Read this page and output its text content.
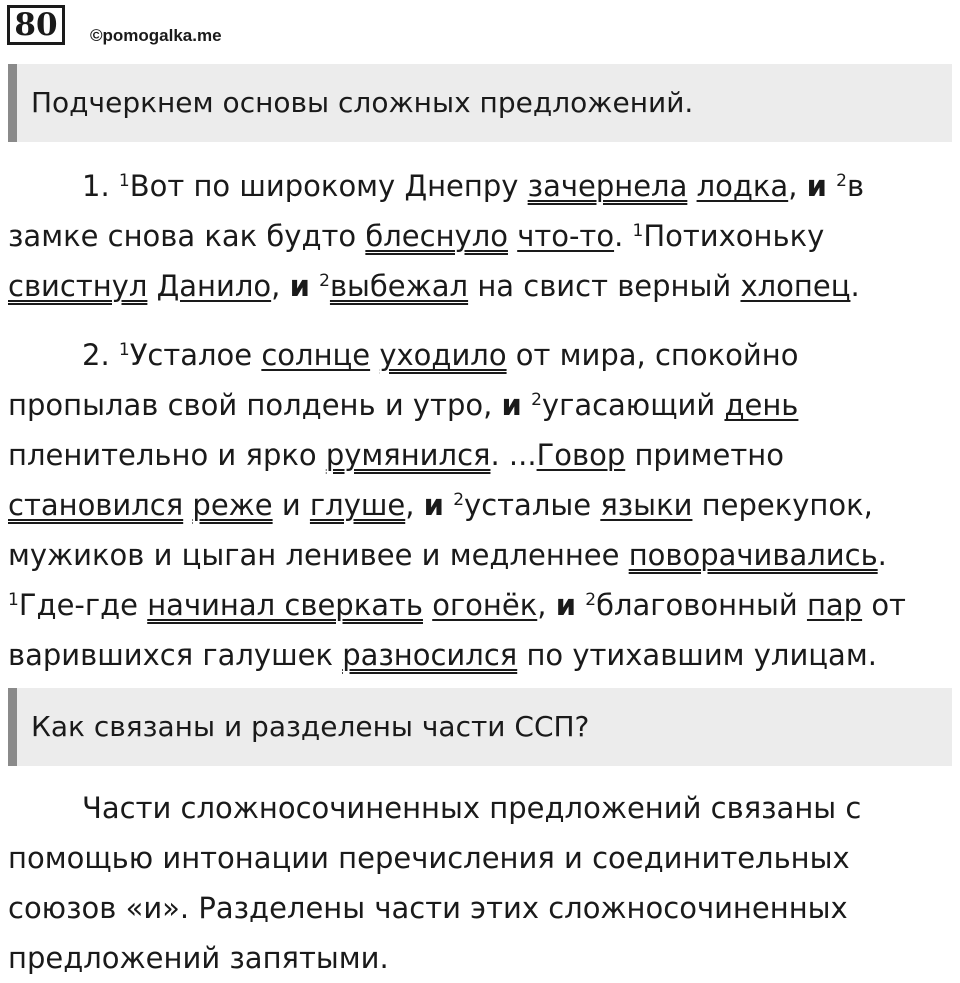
80	©pomogalka.me
Подчеркнем основы сложных предложений.
1. $^1$Вот по широкому Днепру зачернела лодка, и $^2$в
замке снова как будто блеснуло что-то. $^1$Потихоньку
свистнул Данило, и $^2$выбежал на свист верный хлопец.
2. $^1$Усталое солнце уходило от мира, спокойно
пропылав свой полдень и утро, и $^2$угасающий день
пленительно и ярко румянился. ...Говор приметно
становился реже и глуше, и $^2$усталые языки перекупок,
мужиков и цыган ленивее и медленнее поворачивались.
$^1$Где-где начинал сверкать огонёк, и $^2$благовонный пар от
варившихся галушек разносился по утихавшим улицам.
Как связаны и разделены части ССП?
Части сложносочиненных предложений связаны с
помощью интонации перечисления и соединительных
союзов «и». Разделены части этих сложносочиненных
предложений запятыми.
